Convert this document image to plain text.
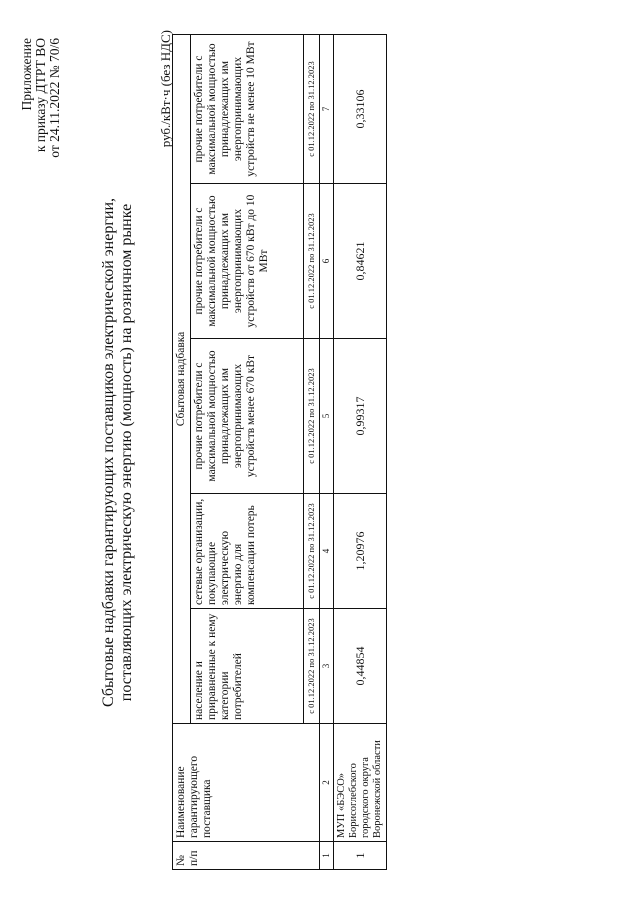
Приложение к приказу ДТРТ ВО от 24.11.2022 № 70/6
Сбытовые надбавки гарантирующих поставщиков электрической энергии, поставляющих электрическую энергию (мощность) на розничном рынке
руб./кВт·ч (без НДС)
№ п/п	Наименование гарантирующего поставщика	Сбытовая надбавка				
		население и приравненные к нему категории потребителей	сетевые организации, покупающие электрическую энергию для компенсации потерь	прочие потребители с максимальной мощностью принадлежащих им энергопринимающих устройств менее 670 кВт	прочие потребители с максимальной мощностью принадлежащих им энергопринимающих устройств от 670 кВт до 10 МВт	прочие потребители с максимальной мощностью принадлежащих им энергопринимающих устройств не менее 10 МВт
		с 01.12.2022 по 31.12.2023	с 01.12.2022 по 31.12.2023	с 01.12.2022 по 31.12.2023	с 01.12.2022 по 31.12.2023	с 01.12.2022 по 31.12.2023
1	2	3	4	5	6	7
1	МУП «БЭСО» Борисоглебского городского округа Воронежской области	0,44854	1,20976	0,99317	0,84621	0,33106
